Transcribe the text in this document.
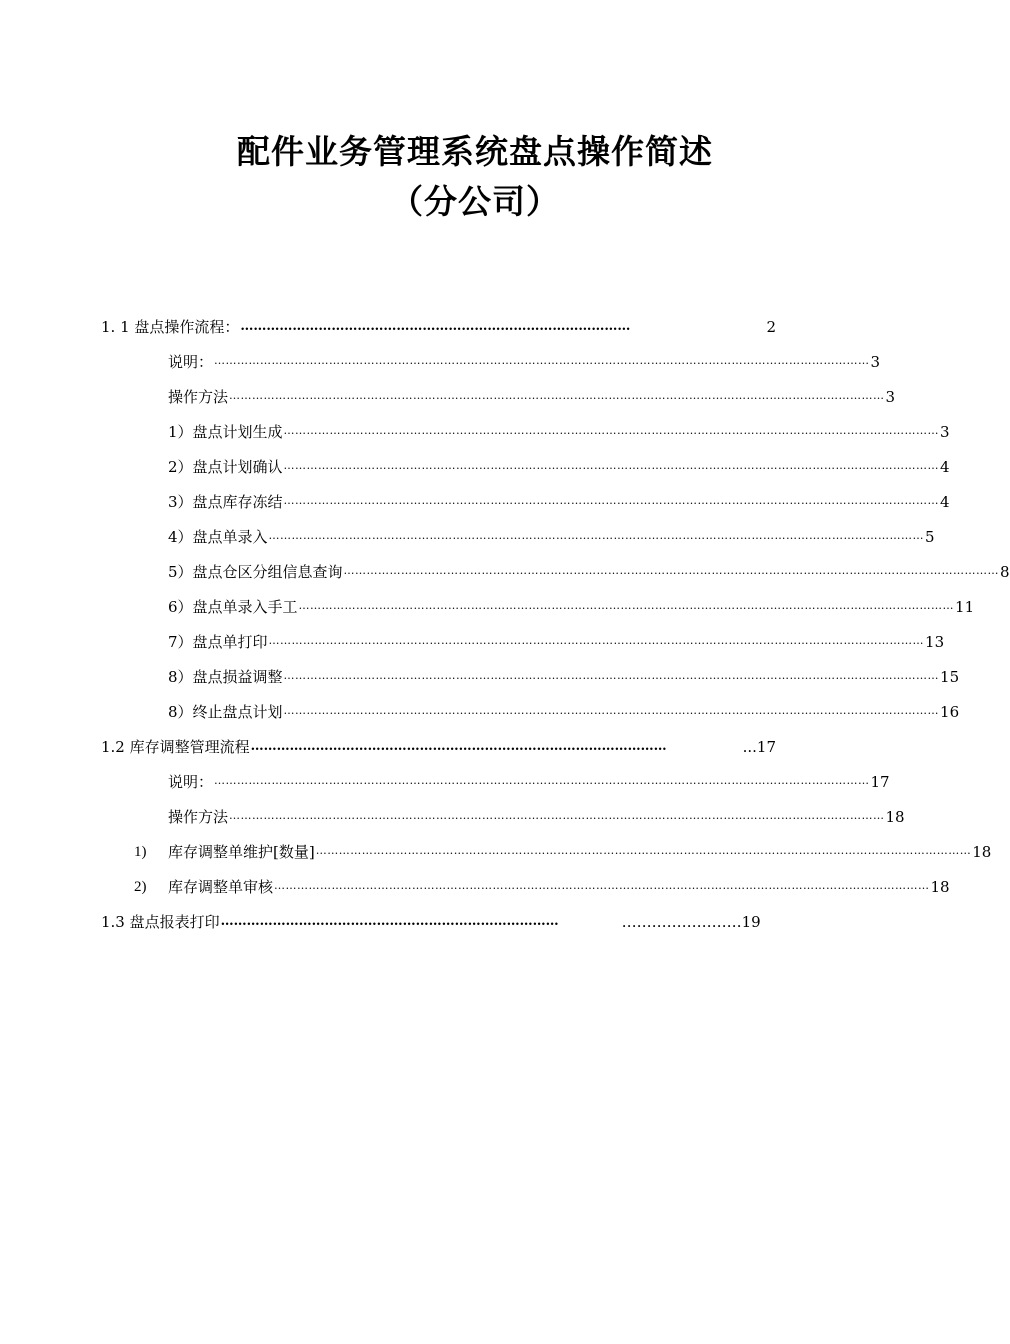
配件业务管理系统盘点操作简述
（分公司）
1. 1 盘点操作流程： ………………………………………………………………………………	2
说明： ……………………………………………………………………………………………………………………………………………………… 3
操作方法 ……………………………………………………………………………………………………………………………………………………… 3
1）盘点计划生成 ……………………………………………………………………………………………………………………………………………………… 3
2）盘点计划确认 ……………………………………………………………………………………………………………………………………………………… 4
3）盘点库存冻结 ……………………………………………………………………………………………………………………………………………………… 4
4）盘点单录入 ……………………………………………………………………………………………………………………………………………………… 5
5）盘点仓区分组信息查询 ……………………………………………………………………………………………………………………………………………………… 8
6）盘点单录入手工 ……………………………………………………………………………………………………………………………………………………… 11
7）盘点单打印 ……………………………………………………………………………………………………………………………………………………… 13
8）盘点损益调整 ……………………………………………………………………………………………………………………………………………………… 15
8）终止盘点计划 ……………………………………………………………………………………………………………………………………………………… 16
1.2 库存调整管理流程 ……………………………………………………………………………………	...17
说明： ……………………………………………………………………………………………………………………………………………………… 17
操作方法 ……………………………………………………………………………………………………………………………………………………… 18
1) 库存调整单维护[数量] ……………………………………………………………………………………………………………………………………………………… 18
2) 库存调整单审核 ……………………………………………………………………………………………………………………………………………………… 18
1.3 盘点报表打印 ……………………………………………………………………	……………………19
